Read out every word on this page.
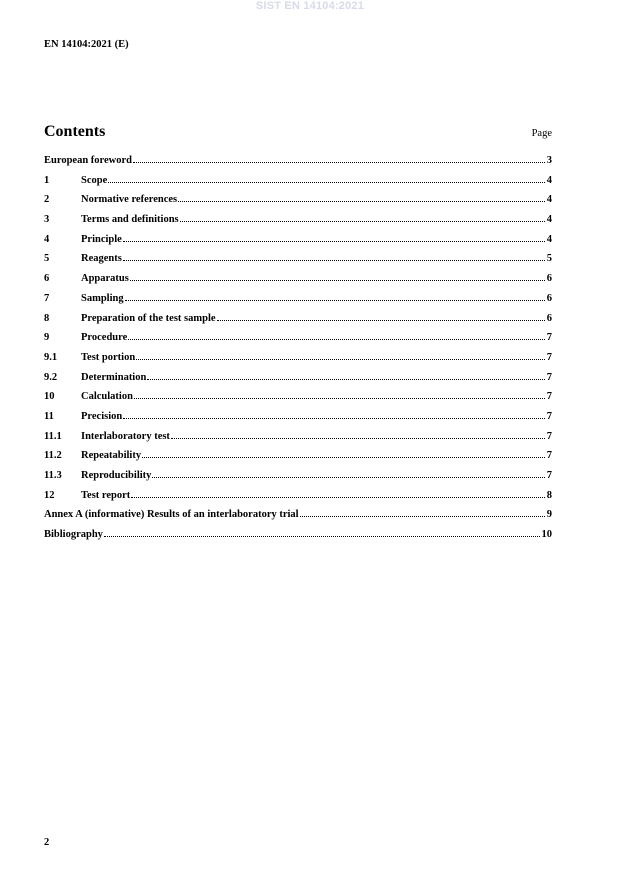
SIST EN 14104:2021
EN 14104:2021 (E)
Contents	Page
European foreword	3
1	Scope	4
2	Normative references	4
3	Terms and definitions	4
4	Principle	4
5	Reagents	5
6	Apparatus	6
7	Sampling	6
8	Preparation of the test sample	6
9	Procedure	7
9.1	Test portion	7
9.2	Determination	7
10	Calculation	7
11	Precision	7
11.1	Interlaboratory test	7
11.2	Repeatability	7
11.3	Reproducibility	7
12	Test report	8
Annex A (informative) Results of an interlaboratory trial	9
Bibliography	10
2
